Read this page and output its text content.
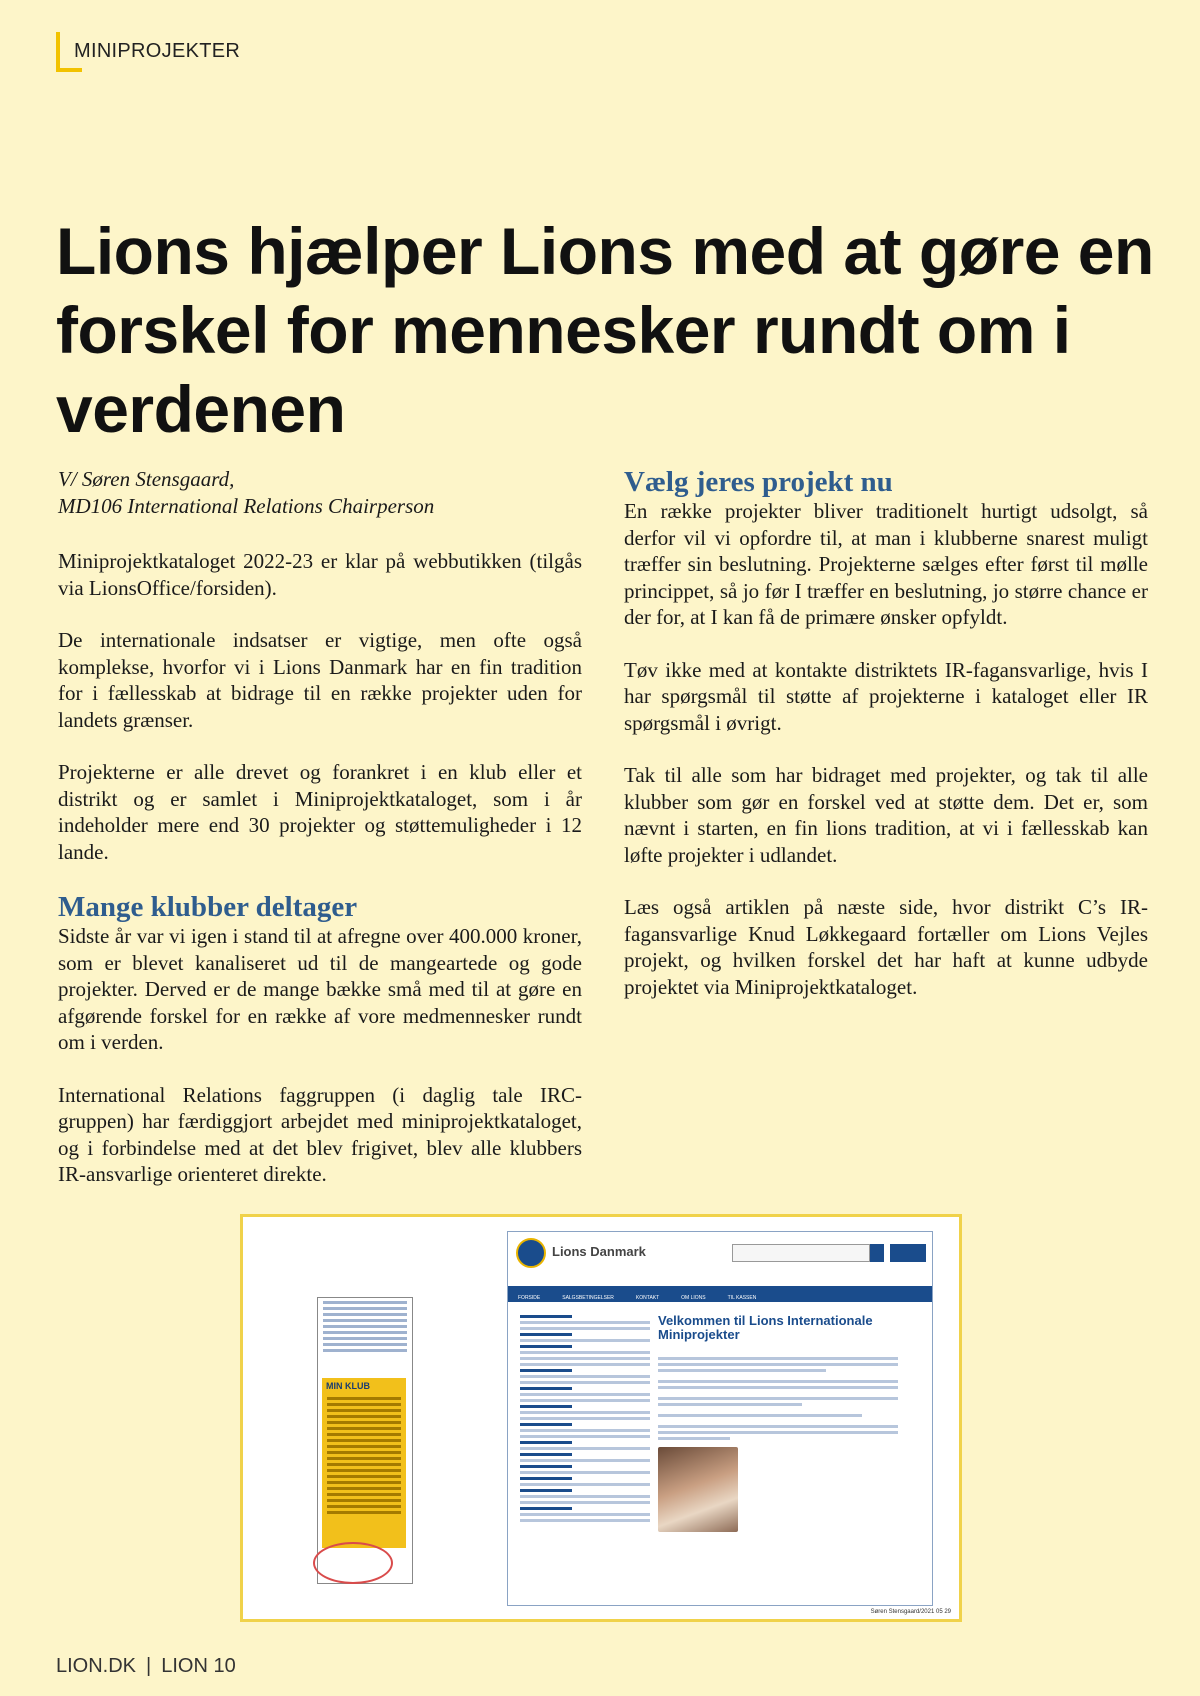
MINIPROJEKTER
Lions hjælper Lions med at gøre en forskel for mennesker rundt om i verdenen

V/ Søren Stensgaard,
MD106 International Relations Chairperson

Miniprojektkataloget 2022-23 er klar på webbutikken (tilgås via LionsOffice/forsiden).

De internationale indsatser er vigtige, men ofte også komplekse, hvorfor vi i Lions Danmark har en fin tradition for i fællesskab at bidrage til en række projekter uden for landets grænser.

Projekterne er alle drevet og forankret i en klub eller et distrikt og er samlet i Miniprojektkataloget, som i år indeholder mere end 30 projekter og støttemuligheder i 12 lande.

Mange klubber deltager

Sidste år var vi igen i stand til at afregne over 400.000 kroner, som er blevet kanaliseret ud til de mangeartede og gode projekter. Derved er de mange bække små med til at gøre en afgørende forskel for en række af vore medmennesker rundt om i verden.

International Relations faggruppen (i daglig tale IRC-gruppen) har færdiggjort arbejdet med miniprojektkataloget, og i forbindelse med at det blev frigivet, blev alle klubbers IR-ansvarlige orienteret direkte.

Vælg jeres projekt nu

En række projekter bliver traditionelt hurtigt udsolgt, så derfor vil vi opfordre til, at man i klubberne snarest muligt træffer sin beslutning. Projekterne sælges efter først til mølle princippet, så jo før I træffer en beslutning, jo større chance er der for, at I kan få de primære ønsker opfyldt.

Tøv ikke med at kontakte distriktets IR-fagansvarlige, hvis I har spørgsmål til støtte af projekterne i kataloget eller IR spørgsmål i øvrigt.

Tak til alle som har bidraget med projekter, og tak til alle klubber som gør en forskel ved at støtte dem. Det er, som nævnt i starten, en fin lions tradition, at vi i fællesskab kan løfte projekter i udlandet.

Læs også artiklen på næste side, hvor distrikt C’s IR-fagansvarlige Knud Løkkegaard fortæller om Lions Vejles projekt, og hvilken forskel det har haft at kunne udbyde projektet via Miniprojektkataloget.

MIN KLUB
Lions Danmark
FORSIDE	SALGSBETINGELSER	KONTAKT	OM LIONS	TIL KASSEN
Velkommen til Lions Internationale Miniprojekter
Søren Stensgaard/2021 05 29
LION.DK | LION 10
